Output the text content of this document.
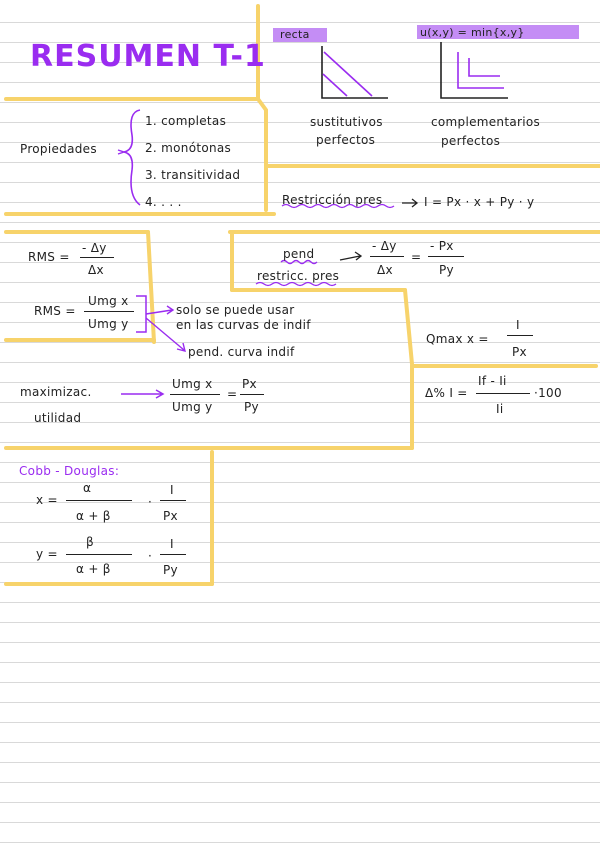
RESUMEN T-1
recta	u(x,y) = min{x,y}
sustitutivos
perfectos
complementarios
perfectos
Propiedades
1. completas
2. monótonas
3. transitividad
4. . . .	Restricción pres	I = Px · x + Py · y
RMS =
- Δy
Δx
pend
restricc. pres
- Δy
Δx
=
- Px
Py
RMS =
Umg x
Umg y
solo se puede usar
en las curvas de indif
pend. curva indif
Qmax x =
I
Px
maximizac.
utilidad
Umg x
Umg y
=
Px
Py
Δ% I =
If - Ii
Ii
·100
Cobb - Douglas:
x =
α
α + β
·
I
Px
y =
β
α + β
·
I
Py
